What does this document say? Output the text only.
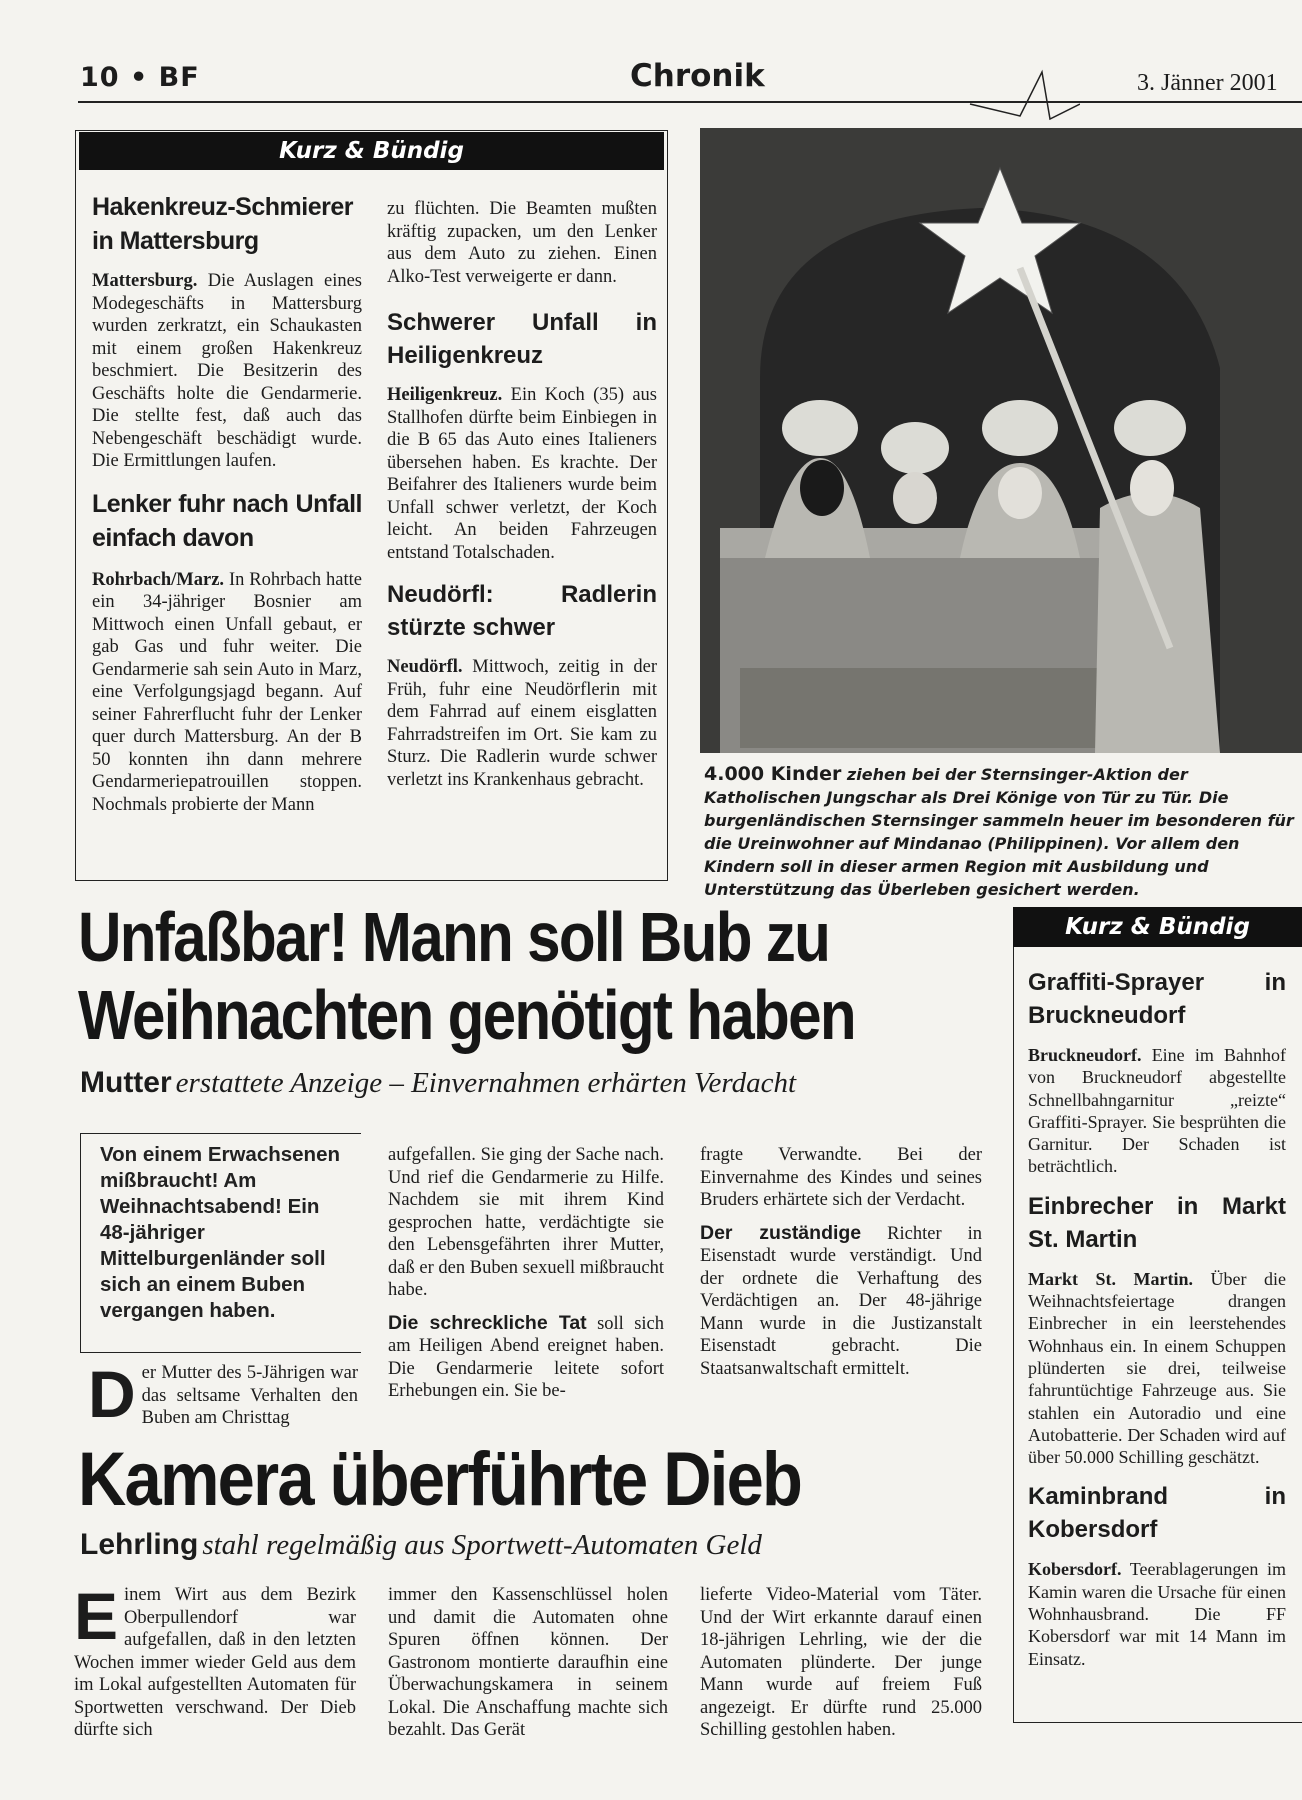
10 • BF	Chronik	3. Jänner 2001
Kurz & Bündig
Hakenkreuz-Schmierer in Mattersburg

Mattersburg. Die Auslagen eines Modegeschäfts in Mattersburg wurden zerkratzt, ein Schaukasten mit einem großen Hakenkreuz beschmiert. Die Besitzerin des Geschäfts holte die Gendarmerie. Die stellte fest, daß auch das Nebengeschäft beschädigt wurde. Die Ermittlungen laufen.

Lenker fuhr nach Unfall einfach davon

Rohrbach/Marz. In Rohrbach hatte ein 34-jähriger Bosnier am Mittwoch einen Unfall gebaut, er gab Gas und fuhr weiter. Die Gendarmerie sah sein Auto in Marz, eine Verfolgungsjagd begann. Auf seiner Fahrerflucht fuhr der Lenker quer durch Mattersburg. An der B 50 konnten ihn dann mehrere Gendarmeriepatrouillen stoppen. Nochmals probierte der Mann

zu flüchten. Die Beamten mußten kräftig zupacken, um den Lenker aus dem Auto zu ziehen. Einen Alko-Test verweigerte er dann.

Schwerer Unfall in Heiligenkreuz

Heiligenkreuz. Ein Koch (35) aus Stallhofen dürfte beim Einbiegen in die B 65 das Auto eines Italieners übersehen haben. Es krachte. Der Beifahrer des Italieners wurde beim Unfall schwer verletzt, der Koch leicht. An beiden Fahrzeugen entstand Totalschaden.

Neudörfl: Radlerin stürzte schwer

Neudörfl. Mittwoch, zeitig in der Früh, fuhr eine Neudörflerin mit dem Fahrrad auf einem eisglatten Fahrradstreifen im Ort. Sie kam zu Sturz. Die Radlerin wurde schwer verletzt ins Krankenhaus gebracht.	4.000 Kinder ziehen bei der Sternsinger-Aktion der Katholischen Jungschar als Drei Könige von Tür zu Tür. Die burgenländischen Sternsinger sammeln heuer im besonderen für die Ureinwohner auf Mindanao (Philippinen). Vor allem den Kindern soll in dieser armen Region mit Ausbildung und Unterstützung das Überleben gesichert werden.
Unfaßbar! Mann soll Bub zu
Weihnachten genötigt haben
Mutter erstattete Anzeige – Einvernahmen erhärten Verdacht
Von einem Erwachsenen mißbraucht! Am Weihnachtsabend! Ein 48-jähriger Mittelburgenländer soll sich an einem Buben vergangen haben.
D er Mutter des 5-Jährigen war das seltsame Verhalten den Buben am Christtag

aufgefallen. Sie ging der Sache nach. Und rief die Gendarmerie zu Hilfe. Nachdem sie mit ihrem Kind gesprochen hatte, verdächtigte sie den Lebensgefährten ihrer Mutter, daß er den Buben sexuell mißbraucht habe.

Die schreckliche Tat soll sich am Heiligen Abend ereignet haben. Die Gendarmerie leitete sofort Erhebungen ein. Sie be-

fragte Verwandte. Bei der Einvernahme des Kindes und seines Bruders erhärtete sich der Verdacht.

Der zuständige Richter in Eisenstadt wurde verständigt. Und der ordnete die Verhaftung des Verdächtigen an. Der 48-jährige Mann wurde in die Justizanstalt Eisenstadt gebracht. Die Staatsanwaltschaft ermittelt.

Kamera überführte Dieb
Lehrling stahl regelmäßig aus Sportwett-Automaten Geld
E inem Wirt aus dem Bezirk Oberpullendorf war aufgefallen, daß in den letzten Wochen immer wieder Geld aus dem im Lokal aufgestellten Automaten für Sportwetten verschwand. Der Dieb dürfte sich

immer den Kassenschlüssel holen und damit die Automaten ohne Spuren öffnen können. Der Gastronom montierte daraufhin eine Überwachungskamera in seinem Lokal. Die Anschaffung machte sich bezahlt. Das Gerät

lieferte Video-Material vom Täter. Und der Wirt erkannte darauf einen 18-jährigen Lehrling, wie der die Automaten plünderte. Der junge Mann wurde auf freiem Fuß angezeigt. Er dürfte rund 25.000 Schilling gestohlen haben.

Kurz & Bündig
Graffiti-Sprayer in Bruckneudorf

Bruckneudorf. Eine im Bahnhof von Bruckneudorf abgestellte Schnellbahngarnitur „reizte“ Graffiti-Sprayer. Sie besprühten die Garnitur. Der Schaden ist beträchtlich.

Einbrecher in Markt St. Martin

Markt St. Martin. Über die Weihnachtsfeiertage drangen Einbrecher in ein leerstehendes Wohnhaus ein. In einem Schuppen plünderten sie drei, teilweise fahruntüchtige Fahrzeuge aus. Sie stahlen ein Autoradio und eine Autobatterie. Der Schaden wird auf über 50.000 Schilling geschätzt.

Kaminbrand in Kobersdorf

Kobersdorf. Teerablagerungen im Kamin waren die Ursache für einen Wohnhausbrand. Die FF Kobersdorf war mit 14 Mann im Einsatz.
